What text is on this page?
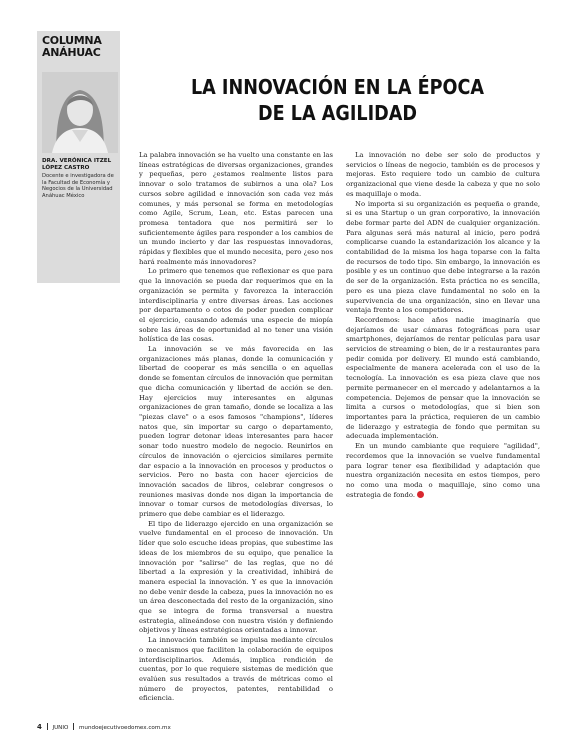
COLUMNA
ANÁHUAC
DRA. VERÓNICA ITZEL
LÓPEZ CASTRO
Docente e investigadora de la Facultad de Economía y Negocios de la Universidad Anáhuac México
LA INNOVACIÓN EN LA ÉPOCA
DE LA AGILIDAD

La palabra innovación se ha vuelto una constante en las líneas estratégicas de diversas organizaciones, grandes y pequeñas, pero ¿estamos realmente listos para innovar o solo tratamos de subirnos a una ola? Los cursos sobre agilidad e innovación son cada vez más comunes, y más personal se forma en metodologías como Agile, Scrum, Lean, etc. Estas parecen una promesa tentadora que nos permitirá ser lo suficientemente ágiles para responder a los cambios de un mundo incierto y dar las respuestas innovadoras, rápidas y flexibles que el mundo necesita, pero ¿eso nos hará realmente más innovadores?

Lo primero que tenemos que reflexionar es que para que la innovación se pueda dar requerimos que en la organización se permita y favorezca la interacción interdisciplinaria y entre diversas áreas. Las acciones por departamento o cotos de poder pueden complicar el ejercicio, causando además una especie de miopía sobre las áreas de oportunidad al no tener una visión holística de las cosas.

La innovación se ve más favorecida en las organizaciones más planas, donde la comunicación y libertad de cooperar es más sencilla o en aquellas donde se fomentan círculos de innovación que permitan que dicha comunicación y libertad de acción se den. Hay ejercicios muy interesantes en algunas organizaciones de gran tamaño, donde se localiza a las "piezas clave" o a esos famosos "champions", líderes natos que, sin importar su cargo o departamento, pueden lograr detonar ideas interesantes para hacer sonar todo nuestro modelo de negocio. Reunirlos en círculos de innovación o ejercicios similares permite dar espacio a la innovación en procesos y productos o servicios. Pero no basta con hacer ejercicios de innovación sacados de libros, celebrar congresos o reuniones masivas donde nos digan la importancia de innovar o tomar cursos de metodologías diversas, lo primero que debe cambiar es el liderazgo.

El tipo de liderazgo ejercido en una organización se vuelve fundamental en el proceso de innovación. Un líder que solo escuche ideas propias, que subestime las ideas de los miembros de su equipo, que penalice la innovación por "salirse" de las reglas, que no dé libertad a la expresión y la creatividad, inhibirá de manera especial la innovación. Y es que la innovación no debe venir desde la cabeza, pues la innovación no es un área desconectada del resto de la organización, sino que se integra de forma transversal a nuestra estrategia, alineándose con nuestra visión y definiendo objetivos y líneas estratégicas orientadas a innovar.

La innovación también se impulsa mediante círculos o mecanismos que faciliten la colaboración de equipos interdisciplinarios. Además, implica rendición de cuentas, por lo que requiere sistemas de medición que evalúen sus resultados a través de métricas como el número de proyectos, patentes, rentabilidad o eficiencia.

La innovación no debe ser solo de productos y servicios o líneas de negocio, también es de procesos y mejoras. Esto requiere todo un cambio de cultura organizacional que viene desde la cabeza y que no solo es maquillaje o moda.

No importa si su organización es pequeña o grande, si es una Startup o un gran corporativo, la innovación debe formar parte del ADN de cualquier organización. Para algunas será más natural al inicio, pero podrá complicarse cuando la estandarización los alcance y la contabilidad de la misma los haga toparse con la falta de recursos de todo tipo. Sin embargo, la innovación es posible y es un continuo que debe integrarse a la razón de ser de la organización. Esta práctica no es sencilla, pero es una pieza clave fundamental no solo en la supervivencia de una organización, sino en llevar una ventaja frente a los competidores.

Recordemos: hace años nadie imaginaría que dejaríamos de usar cámaras fotográficas para usar smartphones, dejaríamos de rentar películas para usar servicios de streaming o bien, de ir a restaurantes para pedir comida por delivery. El mundo está cambiando, especialmente de manera acelerada con el uso de la tecnología. La innovación es esa pieza clave que nos permite permanecer en el mercado y adelantarnos a la competencia. Dejemos de pensar que la innovación se limita a cursos o metodologías, que si bien son importantes para la práctica, requieren de un cambio de liderazgo y estrategia de fondo que permitan su adecuada implementación.

En un mundo cambiante que requiere "agilidad", recordemos que la innovación se vuelve fundamental para lograr tener esa flexibilidad y adaptación que nuestra organización necesita en estos tiempos, pero no como una moda o maquillaje, sino como una estrategia de fondo.

4 JUNIO mundoejecutivoedomex.com.mx
